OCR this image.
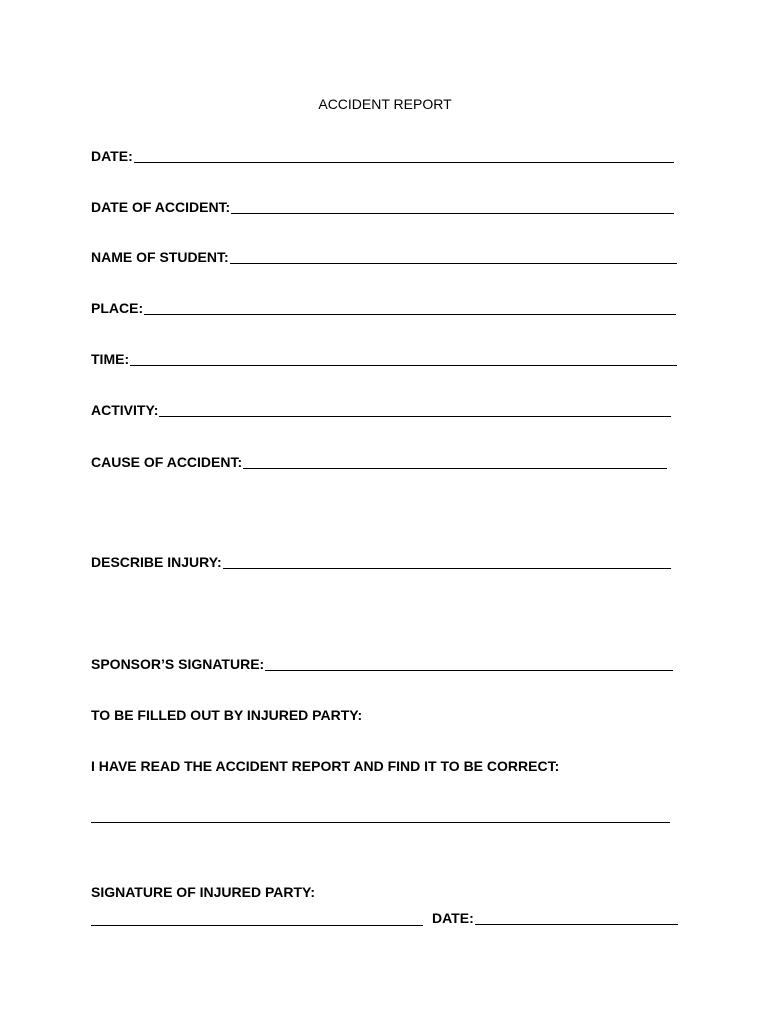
ACCIDENT REPORT
DATE:
DATE OF ACCIDENT:
NAME OF STUDENT:
PLACE:
TIME:
ACTIVITY:
CAUSE OF ACCIDENT:
DESCRIBE INJURY:
SPONSOR’S SIGNATURE:
TO BE FILLED OUT BY INJURED PARTY:
I HAVE READ THE ACCIDENT REPORT AND FIND IT TO BE CORRECT:
SIGNATURE OF INJURED PARTY:
DATE:
